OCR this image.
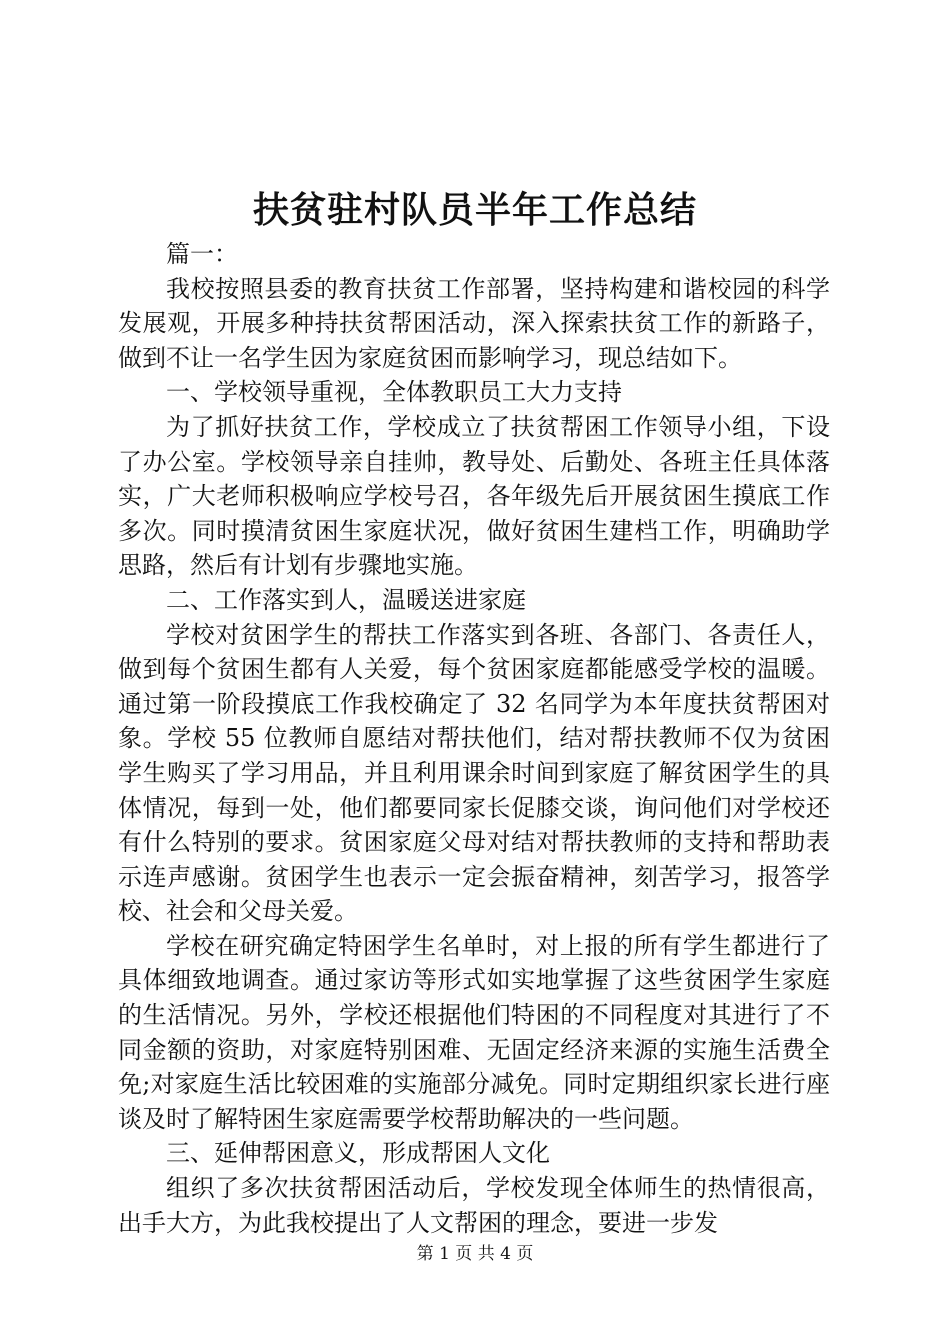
扶贫驻村队员半年工作总结

篇一：

我校按照县委的教育扶贫工作部署，坚持构建和谐校园的科学发展观，开展多种持扶贫帮困活动，深入探索扶贫工作的新路子，做到不让一名学生因为家庭贫困而影响学习，现总结如下。

一、学校领导重视，全体教职员工大力支持

为了抓好扶贫工作，学校成立了扶贫帮困工作领导小组，下设了办公室。学校领导亲自挂帅，教导处、后勤处、各班主任具体落实，广大老师积极响应学校号召，各年级先后开展贫困生摸底工作多次。同时摸清贫困生家庭状况，做好贫困生建档工作，明确助学思路，然后有计划有步骤地实施。

二、工作落实到人，温暖送进家庭

学校对贫困学生的帮扶工作落实到各班、各部门、各责任人，做到每个贫困生都有人关爱，每个贫困家庭都能感受学校的温暖。通过第一阶段摸底工作我校确定了 32 名同学为本年度扶贫帮困对象。学校 55 位教师自愿结对帮扶他们，结对帮扶教师不仅为贫困学生购买了学习用品，并且利用课余时间到家庭了解贫困学生的具体情况，每到一处，他们都要同家长促膝交谈，询问他们对学校还有什么特别的要求。贫困家庭父母对结对帮扶教师的支持和帮助表示连声感谢。贫困学生也表示一定会振奋精神，刻苦学习，报答学校、社会和父母关爱。

学校在研究确定特困学生名单时，对上报的所有学生都进行了具体细致地调查。通过家访等形式如实地掌握了这些贫困学生家庭的生活情况。另外，学校还根据他们特困的不同程度对其进行了不同金额的资助，对家庭特别困难、无固定经济来源的实施生活费全免;对家庭生活比较困难的实施部分减免。同时定期组织家长进行座谈及时了解特困生家庭需要学校帮助解决的一些问题。

三、延伸帮困意义，形成帮困人文化

组织了多次扶贫帮困活动后，学校发现全体师生的热情很高，出手大方，为此我校提出了人文帮困的理念，要进一步发

第 1 页 共 4 页
